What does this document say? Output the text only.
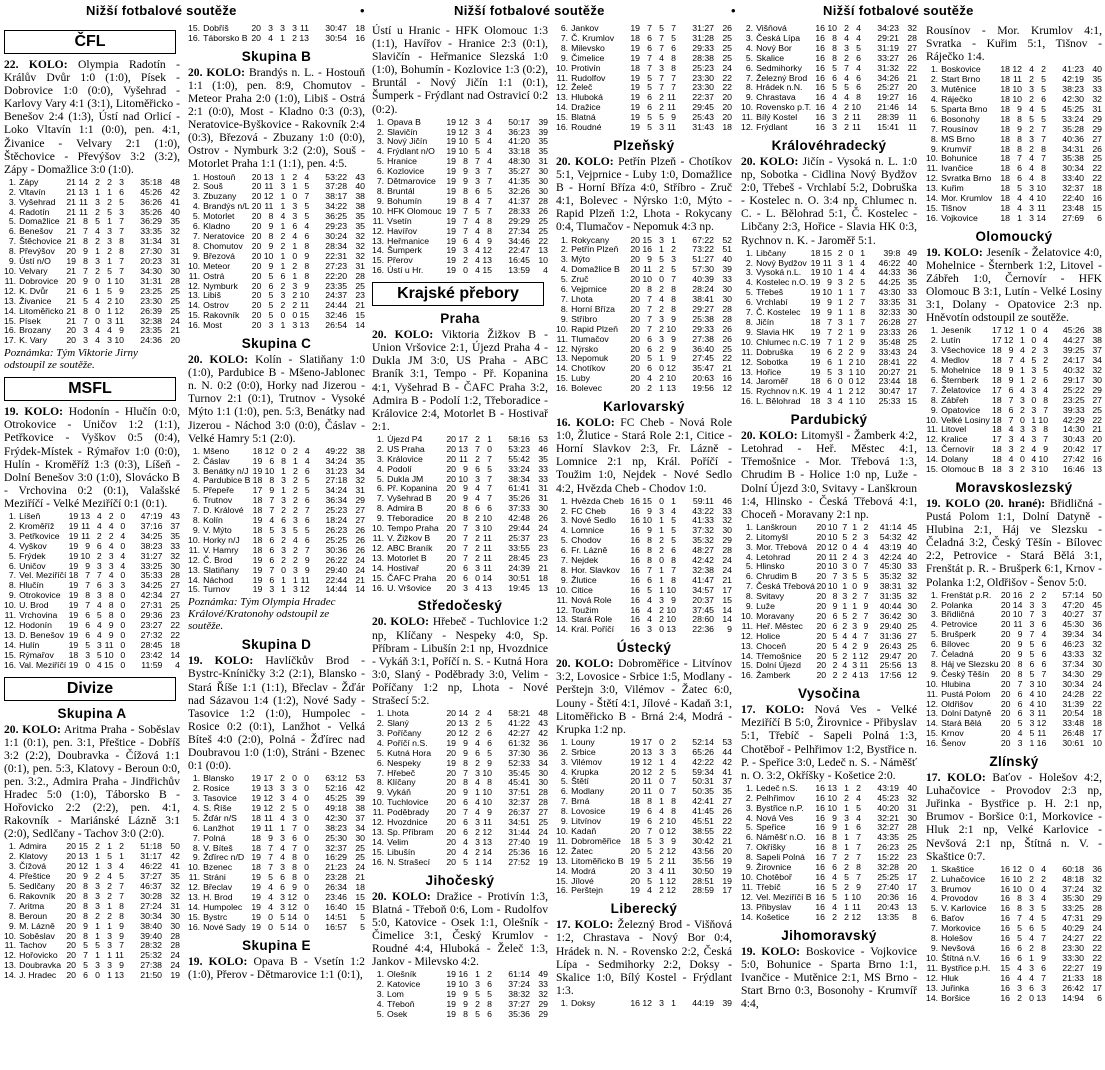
Nižší fotbalové soutěže	•	Nižší fotbalové soutěže	•	Nižší fotbalové soutěže
ČFL

22. KOLO: Olympia Radotín - Králův Dvůr 1:0 (1:0), Písek - Dobrovice 1:0 (0:0), Vyšehrad - Karlovy Vary 4:1 (3:1), Litoměřicko - Benešov 2:4 (1:3), Ústí nad Orlicí - Loko Vltavín 1:1 (0:0), pen. 4:1, Živanice - Velvary 2:1 (1:0), Štěchovice - Převýšov 3:2 (3:2), Zápy - Domažlice 3:0 (1:0).

1.	Zápy	21	14	2	2	3	35:18	48
2.	Vltavín	21	13	1	1	6	45:26	42
3.	Vyšehrad	21	11	3	2	5	36:26	41
4.	Radotín	21	11	2	5	3	35:26	40
5.	Domažlice	21	8	5	1	7	36:29	35
6.	Benešov	21	7	4	3	7	33:35	32
7.	Štěchovice	21	8	2	3	8	31:34	31
8.	Převýšov	20	9	1	2	8	27:30	31
9.	Ústí n/O	19	8	3	1	7	20:23	31
10.	Velvary	21	7	2	5	7	34:30	30
11.	Dobrovice	20	9	0	1	10	31:31	28
12.	K. Dvůr	21	6	1	5	9	23:25	25
13.	Živanice	21	5	4	2	10	23:30	25
14.	Litoměřicko	21	8	0	1	12	26:39	25
15.	Písek	21	7	0	3	11	32:38	24
16.	Brozany	20	3	4	4	9	23:35	21
17.	K. Vary	20	3	4	3	10	24:36	20
Poznámka: Tým Viktorie Jirny odstoupil ze soutěže.
MSFL

19. KOLO: Hodonín - Hlučín 0:0, Otrokovice - Uničov 1:2 (1:1), Petřkovice - Vyškov 0:5 (0:4), Frýdek-Místek - Rýmařov 1:0 (0:0), Hulín - Kroměříž 1:3 (0:3), Líšeň - Dolní Benešov 3:0 (1:0), Slovácko B - Vrchovina 0:2 (0:1), Valašské Meziříčí - Velké Meziříčí 0:1 (0:1).

1.	Líšeň	19	13	4	2	0	47:19	43
2.	Kroměříž	19	11	4	4	0	37:16	37
3.	Petřkovice	19	11	2	2	4	34:25	35
4.	Vyškov	19	9	6	4	0	38:23	33
5.	Frýdek	19	10	2	3	4	31:27	32
6.	Uničov	19	9	3	3	4	33:25	30
7.	Vel. Meziříčí	18	7	7	4	0	35:33	28
8.	Hlučín	19	7	6	3	3	34:25	27
9.	Otrokovice	19	8	3	8	0	42:34	27
10.	U. Brod	19	7	4	8	0	27:31	25
11.	Vrchovina	19	6	5	8	0	29:36	23
12.	Hodonín	19	6	4	9	0	23:27	22
13.	D. Benešov	19	6	4	9	0	27:32	22
14.	Hulín	19	5	3	11	0	28:45	18
15.	Rýmařov	18	3	5	10	0	23:42	14
16.	Val. Meziříčí	19	0	4	15	0	11:59	4
Divize
Skupina A

20. KOLO: Aritma Praha - Soběslav 1:1 (0:1), pen. 3:1, Přeštice - Dobříš 3:2 (2:2), Doubravka - Čížová 1:1 (0:1), pen. 5:3, Klatovy - Beroun 0:0, pen. 3:2., Admira Praha - Jindřichův Hradec 5:0 (1:0), Táborsko B - Hořovicko 2:2 (2:2), pen. 4:1, Rakovník - Mariánské Lázně 3:1 (2:0), Sedlčany - Tachov 3:0 (2:0).

1.	Admira	20	15	2	1	2	51:18	50
2.	Klatovy	20	13	1	5	1	31:17	42
3.	Čížová	20	12	1	3	4	46:22	41
4.	Přeštice	20	9	2	4	5	37:27	35
5.	Sedlčany	20	8	3	2	7	46:37	32
6.	Rakovník	20	8	3	2	7	30:28	32
7.	Aritma	20	8	3	1	8	27:24	31
8.	Beroun	20	8	2	2	8	30:34	30
9.	M. Lázně	20	9	1	1	9	38:40	30
10.	Soběslav	20	8	1	3	9	39:40	28
11.	Tachov	20	5	5	3	7	28:32	28
12.	Hořovicko	20	7	1	1	11	25:32	24
13.	Doubravka	20	5	3	3	9	27:38	24
14.	J. Hradec	20	6	0	1	13	21:50	19
15.	Dobříš	20	3	3	3	11	30:47	18
16.	Táborsko B	20	4	1	2	13	30:54	16
Skupina B

20. KOLO: Brandýs n. L. - Hostouň 1:1 (1:0), pen. 8:9, Chomutov - Meteor Praha 2:0 (1:0), Libiš - Ostrá 2:1 (0:0), Most - Kladno 0:3 (0:3), Neratovice-Byškovice - Rakovník 2:4 (0:3), Březová - Zbuzany 1:0 (0:0), Ostrov - Nymburk 3:2 (2:0), Souš - Motorlet Praha 1:1 (1:1), pen. 4:5.

1.	Hostouň	20	13	1	2	4	53:22	43
2.	Souš	20	11	3	1	5	37:28	40
3.	Zbuzany	20	12	1	0	7	38:17	38
4.	Brandýs n/L	20	11	1	3	5	34:22	38
5.	Motorlet	20	8	4	3	5	36:25	35
6.	Kladno	20	9	1	6	4	29:23	35
7.	Neratovice	20	8	2	4	6	30:24	32
8.	Chomutov	20	9	2	1	8	28:34	32
9.	Březová	20	10	1	0	9	22:31	32
10.	Meteor	20	9	1	2	8	27:23	31
11.	Ostrá	20	5	6	1	8	22:20	28
12.	Nymburk	20	6	2	3	9	23:35	25
13.	Libiš	20	5	3	2	10	24:37	23
14.	Ostrov	20	5	2	2	11	24:44	21
15.	Rakovník	20	5	0	0	15	32:46	15
16.	Most	20	3	1	3	13	26:54	14
Skupina C

20. KOLO: Kolín - Slatiňany 1:0 (1:0), Pardubice B - Mšeno-Jablonec n. N. 0:2 (0:0), Horky nad Jizerou - Turnov 2:1 (0:1), Trutnov - Vysoké Mýto 1:1 (1:0), pen. 5:3, Benátky nad Jizerou - Náchod 3:0 (0:0), Čáslav - Velké Hamry 5:1 (2:0).

1.	Mšeno	18	12	0	2	4	49:22	38
2.	Čáslav	19	6	8	1	4	34:24	35
3.	Benátky n/J	19	10	1	2	6	31:23	34
4.	Pardubice B	18	8	3	2	5	27:18	32
5.	Přepeře	17	9	1	2	5	34:24	31
6.	Trutnov	18	7	3	2	6	36:34	29
7.	D. Králové	18	7	2	2	7	25:23	27
8.	Kolín	19	4	6	3	6	18:24	27
9.	V. Mýto	18	5	3	5	5	26:23	26
10.	Horky n/J	18	6	2	4	6	25:25	26
11.	V. Hamry	18	6	3	2	7	30:36	26
12.	Č. Brod	19	6	2	2	9	26:22	24
13.	Slatiňany	19	7	0	3	9	29:40	24
14.	Náchod	19	6	1	1	11	22:44	21
15.	Turnov	19	3	1	3	12	14:44	14
Poznámka: Tým Olympia Hradec Králové/Kratonohy odstoupil ze soutěže.
Skupina D

19. KOLO: Havlíčkův Brod - Bystrc-Kníničky 3:2 (2:1), Blansko - Stará Říše 1:1 (1:1), Břeclav - Žďár nad Sázavou 1:4 (1:2), Nové Sady - Tasovice 1:2 (1:0), Humpolec - Rosice 0:2 (0:1), Lanžhot - Velká Bíteš 4:0 (2:0), Polná - Žďírec nad Doubravou 1:0 (1:0), Stráni - Bzenec 0:1 (0:0).

1.	Blansko	19	17	2	0	0	63:12	53
2.	Rosice	19	13	3	3	0	52:16	42
3.	Tasovice	19	12	3	4	0	45:25	39
4.	S. Říše	19	12	2	5	0	49:18	38
5.	Žďár n/S	18	11	4	3	0	42:30	37
6.	Lanžhot	19	11	1	7	0	38:23	34
7.	Polná	18	9	3	6	0	25:30	30
8.	V. Bíteš	18	7	4	7	0	32:37	25
9.	Žďírec n/D	19	7	4	8	0	16:29	25
10.	Bzenec	18	7	3	8	0	21:23	24
11.	Stráni	19	5	6	8	0	23:28	21
12.	Břeclav	19	4	6	9	0	26:34	18
13.	H. Brod	19	4	3	12	0	23:46	15
14.	Humpolec	19	4	3	12	0	16:40	15
15.	Bystrc	19	0	5	14	0	14:51	5
16.	Nové Sady	19	0	5	14	0	16:57	5
Skupina E

19. KOLO: Opava B - Vsetín 1:2 (1:0), Přerov - Dětmarovice 1:1 (0:1),

Ústí u Hranic - HFK Olomouc 1:3 (1:1), Havířov - Hranice 2:3 (0:1), Slavičín - Heřmanice Slezská 1:0 (1:0), Bohumín - Kozlovice 1:3 (0:2), Bruntál - Nový Jičín 1:1 (0:1), Šumperk - Frýdlant nad Ostravicí 0:2 (0:2).

1.	Opava B	19	12	3	4	50:17	39
2.	Slavičín	19	12	3	4	36:23	39
3.	Nový Jičín	19	10	5	4	41:20	35
4.	Frýdlant n/O	19	10	5	4	33:18	35
5.	Hranice	19	8	7	4	48:30	31
6.	Kozlovice	19	9	3	7	35:27	30
7.	Dětmarovice	19	9	3	7	41:35	30
8.	Bruntál	19	8	6	5	32:26	30
9.	Bohumín	19	8	4	7	41:37	28
10.	HFK Olomouc	19	7	5	7	28:33	26
11.	Vsetín	19	7	4	8	29:29	25
12.	Havířov	19	7	4	8	27:34	25
13.	Heřmanice	19	6	4	9	34:46	22
14.	Šumperk	19	3	4	12	22:47	13
15.	Přerov	19	2	4	13	16:45	10
16.	Ústí u Hr.	19	0	4	15	13:59	4
Krajské přebory
Praha

20. KOLO: Viktoria Žižkov B - Union Vršovice 2:1, Újezd Praha 4 - Dukla JM 3:0, US Praha - ABC Braník 3:1, Tempo - Př. Kopanina 4:1, Vyšehrad B - ČAFC Praha 3:2, Admira B - Podolí 1:2, Třeboradice - Královice 2:4, Motorlet B - Hostivař 2:1.

1.	Újezd P4	20	17	2	1	58:16	53
2.	US Praha	20	13	7	0	53:23	46
3.	Královice	20	11	2	7	55:42	35
4.	Podolí	20	9	6	5	33:24	33
5.	Dukla JM	20	10	3	7	38:34	33
6.	Př. Kopanina	20	9	4	7	61:41	31
7.	Vyšehrad B	20	9	4	7	35:26	31
8.	Admira B	20	8	6	6	37:33	30
9.	Třeboradice	20	8	2	10	42:48	26
10.	Tempo Praha	20	7	3	10	29:44	24
11.	V. Žižkov B	20	7	2	11	25:37	23
12.	ABC Braník	20	7	2	11	33:55	23
13.	Motorlet B	20	7	2	11	28:45	23
14.	Hostivař	20	6	3	11	24:39	21
15.	ČAFC Praha	20	6	0	14	30:51	18
16.	U. Vršovice	20	3	4	13	19:45	13
Středočeský

20. KOLO: Hřebeč - Tuchlovice 1:2 np, Klíčany - Nespeky 4:0, Sp. Příbram - Libušín 2:1 np, Hvozdnice - Vykáň 3:1, Poříčí n. S. - Kutná Hora 3:0, Slaný - Poděbrady 3:0, Velim - Poříčany 1:2 np, Lhota - Nové Strašecí 5:2.

1.	Lhota	20	14	2	4	58:21	48
2.	Slaný	20	13	2	5	41:22	43
3.	Poříčany	20	12	2	6	42:27	42
4.	Poříčí n.S.	19	9	4	6	61:32	36
5.	Kutná Hora	20	9	6	5	37:30	36
6.	Nespeky	19	8	2	9	52:33	34
7.	Hřebeč	20	7	3	10	35:45	30
8.	Klíčany	20	8	4	8	45:41	30
9.	Vykáň	20	9	1	10	37:51	28
10.	Tuchlovice	20	6	4	10	32:37	28
11.	Poděbrady	20	7	4	9	26:37	27
12.	Hvozdnice	20	6	3	11	34:51	25
13.	Sp. Příbram	20	6	2	12	31:44	24
14.	Velim	20	4	3	13	27:40	19
15.	Libušín	20	4	2	14	25:36	16
16.	N. Strašecí	20	5	1	14	27:52	19
Jihočeský

20. KOLO: Dražice - Protivín 1:3, Blatná - Třeboň 0:6, Lom - Rudolfov 5:0, Katovice - Osek 1:1, Olešník - Čimelice 3:1, Český Krumlov - Roudné 4:4, Hluboká - Želeč 1:3, Jankov - Milevsko 4:2.

1.	Olešník	19	16	1	2	61:14	49
2.	Katovice	19	10	3	6	37:24	33
3.	Lom	19	9	5	5	38:32	32
4.	Třeboň	19	9	2	8	37:27	29
5.	Osek	19	8	5	6	35:36	29
6.	Jankov	19	7	5	7	31:27	26
7.	Č. Krumlov	18	6	7	5	31:28	25
8.	Milevsko	19	6	7	6	29:33	25
9.	Čimelice	19	7	4	8	28:38	25
10.	Protivín	18	7	3	8	25:23	24
11.	Rudolfov	19	5	7	7	23:30	22
12.	Želeč	19	5	7	7	23:30	22
13.	Hluboká	19	6	2	11	22:37	20
14.	Dražice	19	6	2	11	29:45	20
15.	Blatná	19	5	5	9	25:43	20
16.	Roudné	19	5	3	11	31:43	18
Plzeňský

20. KOLO: Petřín Plzeň - Chotíkov 5:1, Vejprnice - Luby 1:0, Domažlice B - Horní Bříza 4:0, Stříbro - Zruč 4:1, Bolevec - Nýrsko 1:0, Mýto - Rapid Plzeň 1:2, Lhota - Rokycany 0:4, Tlumačov - Nepomuk 4:3 np.

1.	Rokycany	20	15	3	1	67:22	52
2.	Petřín Plzeň	20	16	1	2	73:22	51
3.	Mýto	20	9	5	3	51:27	40
4.	Domažlice B	20	11	2	5	57:30	39
5.	Zruč	20	10	0	7	40:39	33
6.	Vejprnice	20	8	2	8	28:24	30
7.	Lhota	20	7	4	8	38:41	30
8.	Horní Bříza	20	7	2	8	29:27	28
9.	Stříbro	20	7	3	9	25:38	28
10.	Rapid Plzeň	20	7	2	10	29:33	26
11.	Tlumačov	20	6	3	9	27:38	26
12.	Nýrsko	20	6	2	9	36:40	25
13.	Nepomuk	20	5	1	9	27:45	22
14.	Chotíkov	20	6	0	12	35:47	21
15.	Luby	20	4	2	10	20:63	16
16.	Bolevec	20	2	1	13	19:56	12
Karlovarský

16. KOLO: FC Cheb - Nová Role 1:0, Žlutice - Stará Role 2:1, Citice - Horní Slavkov 2:3, Fr. Lázně - Lomnice 2:1 np, Král. Poříčí - Toužim 1:0, Nejdek - Nové Sedlo 4:2, Hvězda Cheb - Chodov 1:0.

1.	Hvězda Cheb	16	15	0	1	59:11	46
2.	FC Cheb	16	9	3	4	43:22	33
3.	Nové Sedlo	16	10	1	5	41:33	32
4.	Lomnice	16	9	1	5	37:32	30
5.	Chodov	16	8	2	5	35:32	29
6.	Fr. Lázně	16	8	2	6	48:27	28
7.	Nejdek	16	8	0	8	42:42	24
8.	Hor. Slavkov	16	7	1	7	32:38	24
9.	Žlutice	16	6	1	8	41:47	21
10.	Citice	16	5	1	10	34:57	17
11.	Nová Role	16	4	3	9	20:37	15
12.	Toužim	16	4	2	10	37:45	14
13.	Stará Role	16	4	2	10	28:60	14
14.	Král. Poříčí	16	3	0	13	22:36	9
Ústecký

20. KOLO: Dobroměřice - Litvínov 3:2, Lovosice - Srbice 1:5, Modlany - Perštejn 3:0, Vilémov - Žatec 6:0, Louny - Štětí 4:1, Jílové - Kadaň 3:1, Litoměřicko B - Brná 2:4, Modrá - Krupka 1:2 np.

1.	Louny	19	17	0	2	52:14	53
2.	Srbice	20	13	3	3	65:26	44
3.	Vilémov	19	12	1	4	42:22	42
4.	Krupka	20	12	2	5	59:34	41
5.	Štětí	20	11	0	7	50:31	37
6.	Modlany	20	11	0	7	50:35	35
7.	Brná	18	8	1	8	42:41	27
8.	Lovosice	19	6	4	8	41:45	26
9.	Litvínov	19	6	2	10	45:51	22
10.	Kadaň	20	7	0	12	38:55	22
11.	Dobroměřice	18	5	3	9	30:42	21
12.	Žatec	20	5	2	12	43:56	20
13.	Litoměřicko B	19	5	2	11	35:56	19
14.	Modrá	20	3	4	11	30:50	19
15.	Jílové	20	5	1	12	28:51	19
16.	Perštejn	19	4	2	12	28:59	17
Liberecký

17. KOLO: Železný Brod - Višňová 1:2, Chrastava - Nový Bor 0:4, Hrádek n. N. - Rovensko 2:2, Česká Lípa - Sedmihorky 2:2, Doksy - Skalice 1:0, Bílý Kostel - Frýdlant 1:3.

1.	Doksy	16	12	3	1	44:19	39
2.	Višňová	16	10	2	4	34:23	32
3.	Česká Lípa	16	8	4	4	29:21	28
4.	Nový Bor	16	8	3	5	31:19	27
5.	Skalice	16	8	2	6	33:27	26
6.	Sedmihorky	16	5	7	4	31:32	22
7.	Železný Brod	16	6	4	6	34:26	21
8.	Hrádek n.N.	16	5	5	6	25:27	20
9.	Chrastava	16	4	4	8	19:27	16
10.	Rovensko p.T.	16	4	2	10	21:46	14
11.	Bílý Kostel	16	3	2	11	28:39	11
12.	Frýdlant	16	3	2	11	15:41	11
Královéhradecký

20. KOLO: Jičín - Vysoká n. L. 1:0 np, Sobotka - Cidlina Nový Bydžov 2:0, Třebeš - Vrchlabí 5:2, Dobruška - Kostelec n. O. 3:4 np, Chlumec n. C. - L. Bělohrad 5:1, Č. Kostelec - Libčany 2:3, Hořice - Slavia HK 0:3, Rychnov n. K. - Jaroměř 5:1.

1.	Libčany	18	15	2	0	1	39:8	49
2.	Nový Bydžov	19	11	3	1	4	46:22	40
3.	Vysoká n.L.	19	10	1	4	4	44:33	36
4.	Kostelec n.O.	19	9	3	2	5	44:25	35
5.	Třebeš	19	10	1	1	7	43:30	33
6.	Vrchlabí	19	9	1	2	7	33:35	31
7.	Č. Kostelec	19	9	1	1	8	32:33	30
8.	Jičín	18	7	3	1	7	26:28	27
9.	Slavia HK	19	7	2	1	9	23:33	26
10.	Chlumec n.C.	19	7	1	2	9	35:48	25
11.	Dobruška	19	6	2	2	9	33:43	24
12.	Sobotka	19	6	1	2	10	28:41	22
13.	Hořice	19	5	3	1	10	20:27	21
14.	Jaroměř	18	6	0	0	12	23:44	18
15.	Rychnov n.K.	19	4	1	2	12	30:47	17
16.	L. Bělohrad	18	3	4	1	10	25:33	15
Pardubický

20. KOLO: Litomyšl - Žamberk 4:2, Letohrad - Heř. Městec 4:1, Třemošnice - Mor. Třebová 1:3, Chrudim B - Holice 1:0 np, Luže - Dolní Újezd 3:0, Svitavy - Lanškroun 1:4, Hlinsko - Česká Třebová 4:1, Choceň - Moravany 2:1 np.

1.	Lanškroun	20	10	7	1	2	41:14	45
2.	Litomyšl	20	10	5	2	3	54:32	42
3.	Mor. Třebová	20	12	0	4	4	43:19	40
4.	Letohrad	20	11	2	4	3	42:24	40
5.	Hlinsko	20	10	3	0	7	45:30	33
6.	Chrudim B	20	7	3	5	5	35:32	32
7.	Česká Třebová	20	10	1	0	9	38:31	32
8.	Svitavy	20	8	3	2	7	31:35	32
9.	Luže	20	9	1	1	9	40:44	30
10.	Moravany	20	6	5	2	7	36:42	30
11.	Heř. Městec	20	6	2	3	9	29:40	25
12.	Holice	20	5	4	4	7	31:36	27
13.	Choceň	20	5	4	2	9	26:43	25
14.	Třemošnice	20	5	2	1	12	29:47	20
15.	Dolní Újezd	20	2	4	3	11	25:56	13
16.	Žamberk	20	2	2	4	13	17:56	12
Vysočina

17. KOLO: Nová Ves - Velké Meziříčí B 5:0, Žirovnice - Přibyslav 5:1, Třebíč - Sapeli Polná 1:3, Chotěboř - Pelhřimov 1:2, Bystřice n. P. - Speřice 3:0, Ledeč n. S. - Náměšť n. O. 3:2, Okříšky - Košetice 2:0.

1.	Ledeč n.S.	16	13	1	2	43:19	40
2.	Pelhřimov	16	10	2	4	45:23	32
3.	Bystřice n.P.	16	10	1	5	40:20	31
4.	Nová Ves	16	9	3	4	32:21	30
5.	Speřice	16	9	1	6	32:27	28
6.	Náměšť n.O.	16	8	1	7	43:35	25
7.	Okříšky	16	8	1	7	26:23	25
8.	Sapeli Polná	16	7	2	7	15:22	23
9.	Žirovnice	16	6	2	8	32:28	20
10.	Chotěboř	16	4	5	7	25:25	17
11.	Třebíč	16	5	2	9	27:40	17
12.	Vel. Meziříčí B	16	5	1	10	20:36	16
13.	Přibyslav	16	4	1	11	20:43	13
14.	Košetice	16	2	2	12	13:35	8
Jihomoravský

19. KOLO: Boskovice - Vojkovice 5:0, Bohunice - Sparta Brno 1:1, Ivančice - Mutěnice 2:1, MS Brno - Start Brno 0:3, Bosonohy - Krumvíř 4:4,

Rousínov - Mor. Krumlov 4:1, Svratka - Kuřim 5:1, Tišnov - Ráječko 1:4.

1.	Boskovice	18	12	4	2	41:23	40
2.	Start Brno	18	11	2	5	42:19	35
3.	Mutěnice	18	10	3	5	38:23	33
4.	Ráječko	18	10	2	6	42:30	32
5.	Sparta Brno	18	9	4	5	45:25	31
6.	Bosonohy	18	8	5	5	33:24	29
7.	Rousínov	18	9	2	7	35:28	29
8.	MS Brno	18	8	3	7	40:36	27
9.	Krumvíř	18	8	2	8	34:31	26
10.	Bohunice	18	7	4	7	35:38	25
11.	Ivančice	18	6	4	8	30:34	22
12.	Svratka Brno	18	6	4	8	33:40	22
13.	Kuřim	18	5	3	10	32:37	18
14.	Mor. Krumlov	18	4	4	10	22:40	16
15.	Tišnov	18	4	3	11	23:48	15
16.	Vojkovice	18	1	3	14	27:69	6
Olomoucký

19. KOLO: Jeseník - Želatovice 4:0, Mohelnice - Šternberk 1:2, Litovel - Zábřeh 1:0, Černovír - HFK Olomouc B 3:1, Lutín - Velké Losiny 3:1, Dolany - Opatovice 2:3 np. Hněvotín odstoupil ze soutěže.

1.	Jeseník	17	12	1	0	4	45:26	38
2.	Lutín	17	12	1	0	4	44:27	38
3.	Všechovice	18	9	4	2	3	39:25	37
4.	Medlov	18	7	4	5	2	24:17	34
5.	Mohelnice	18	9	1	3	5	40:32	32
6.	Šternberk	18	9	1	2	6	29:17	30
7.	Želatovice	17	6	4	3	4	25:22	29
8.	Zábřeh	18	7	3	0	8	23:25	27
9.	Opatovice	18	6	2	3	7	39:33	25
10.	Velké Losiny	18	7	0	1	10	42:29	22
11.	Litovel	18	4	3	3	8	14:30	21
12.	Kralice	17	3	4	3	7	30:43	20
13.	Černovír	18	3	2	4	9	20:42	17
14.	Dolany	18	4	0	4	10	27:42	16
15.	Olomouc B	18	3	2	3	10	16:46	13
Moravskoslezský

19. KOLO (20. hrané): Břidličná - Pustá Polom 1:1, Dolní Datyně - Hlubina 2:1, Háj ve Slezsku - Čeladná 3:2, Český Těšín - Bílovec 2:2, Petrovice - Stará Bělá 3:1, Frenštát p. R. - Brušperk 6:1, Krnov - Polanka 1:2, Oldřišov - Šenov 5:0.

1.	Frenštát p.R.	20	16	2	2	57:14	50
2.	Polanka	20	14	3	3	47:20	45
3.	Břidličná	20	10	7	3	40:27	37
4.	Petrovice	20	11	3	6	45:30	36
5.	Brušperk	20	9	7	4	39:34	34
6.	Bílovec	20	9	5	6	46:23	32
7.	Čeladná	20	9	5	6	43:33	32
8.	Háj ve Slezsku	20	8	6	6	37:34	30
9.	Český Těšín	20	8	5	7	34:30	29
10.	Hlubina	20	7	3	10	30:34	24
11.	Pustá Polom	20	6	4	10	24:28	22
12.	Oldřišov	20	6	4	10	31:39	22
13.	Dolní Datyně	20	6	3	11	20:54	18
14.	Stará Bělá	20	5	3	12	33:48	18
15.	Krnov	20	4	5	11	26:48	17
16.	Šenov	20	3	1	16	30:61	10
Zlínský

17. KOLO: Baťov - Holešov 4:2, Luhačovice - Provodov 2:3 np, Juřinka - Bystřice p. H. 2:1 np, Brumov - Boršice 0:1, Morkovice - Hluk 2:1 np, Velké Karlovice - Nevšová 2:1 np, Štítná n. V. - Skaštice 0:7.

1.	Skaštice	16	12	0	4	60:18	36
2.	Luhačovice	16	10	2	2	48:18	32
3.	Brumov	16	10	0	4	37:24	32
4.	Provodov	16	8	3	4	35:30	29
5.	V. Karlovice	16	8	3	5	33:25	28
6.	Baťov	16	7	4	5	47:31	29
7.	Morkovice	16	5	6	5	40:29	24
8.	Holešov	16	5	4	7	24:27	22
9.	Nevšová	16	6	2	8	23:30	22
10.	Štítná n.V.	16	6	1	9	33:30	22
11.	Bystřice p.H.	15	4	3	6	22:27	19
12.	Hluk	16	4	4	7	21:33	18
13.	Juřinka	16	3	6	3	26:42	17
14.	Boršice	16	2	0	13	14:94	6
